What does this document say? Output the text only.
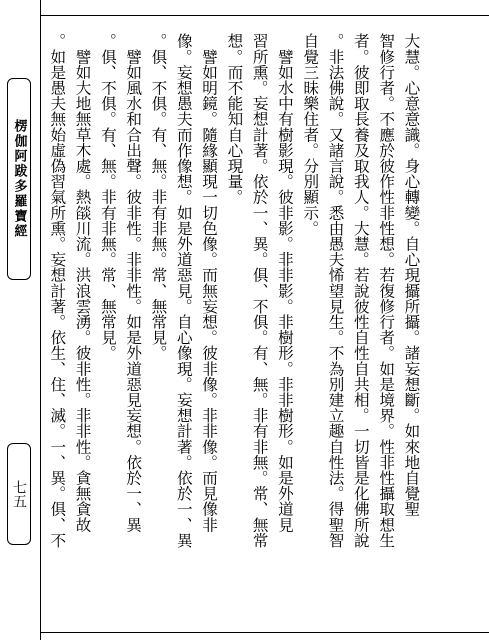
楞伽阿跋多羅寶經
七五	大慧。心意意識。身心轉變。自心現攝所攝。諸妄想斷。如來地自覺聖
智修行者。不應於彼作性非性想。若復修行者。如是境界。性非性攝取想生
者。彼即取長養及取我人。大慧。若說彼性自性自共相。一切皆是化佛所說
。非法佛說。又諸言說。悉由愚夫悕望見生。不為別建立趣自性法。得聖智
自覺三昧樂住者。分別顯示。
　譬如水中有樹影現。彼非影。非非影。非樹形。非非樹形。如是外道見
習所熏。妄想計著。依於一、異。俱、不俱。有、無。非有非無。常、無常
想。而不能知自心現量。
　譬如明鏡。隨緣顯現一切色像。而無妄想。彼非像。非非像。而見像非
像。妄想愚夫而作像想。如是外道惡見。自心像現。妄想計著。依於一、異
。俱、不俱。有、無。非有非無。常、無常見。
　譬如風水和合出聲。彼非性。非非性。如是外道惡見妄想。依於一、異
。俱、不俱。有、無。非有非無。常、無常見。
　譬如大地無草木處。熱燄川流。洪浪雲湧。彼非性。非非性。貪無貪故
。如是愚夫無始虛偽習氣所熏。妄想計著。依生、住、滅。一、異。俱、不
